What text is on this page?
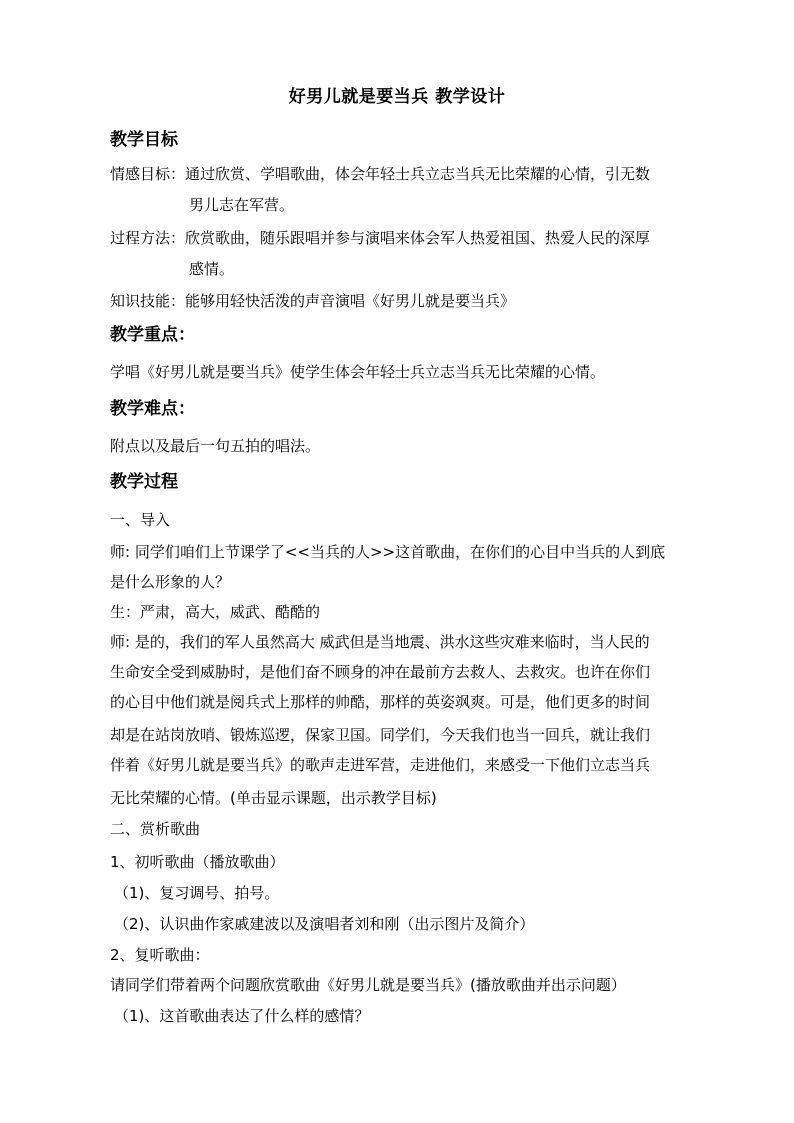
好男儿就是要当兵 教学设计
教学目标
情感目标：通过欣赏、学唱歌曲，体会年轻士兵立志当兵无比荣耀的心情，引无数
男儿志在军营。
过程方法：欣赏歌曲，随乐跟唱并参与演唱来体会军人热爱祖国、热爱人民的深厚
感情。
知识技能：能够用轻快活泼的声音演唱《好男儿就是要当兵》
教学重点：
学唱《好男儿就是要当兵》使学生体会年轻士兵立志当兵无比荣耀的心情。
教学难点：
附点以及最后一句五拍的唱法。
教学过程
一、导入
师: 同学们咱们上节课学了<<当兵的人>>这首歌曲，在你们的心目中当兵的人到底
是什么形象的人？
生：严肃，高大，威武、酷酷的
师: 是的，我们的军人虽然高大 威武但是当地震、洪水这些灾难来临时，当人民的
生命安全受到威胁时，是他们奋不顾身的冲在最前方去救人、去救灾。也许在你们
的心目中他们就是阅兵式上那样的帅酷，那样的英姿飒爽。可是，他们更多的时间
却是在站岗放哨、锻炼巡逻，保家卫国。同学们，今天我们也当一回兵，就让我们
伴着《好男儿就是要当兵》的歌声走进军营，走进他们，来感受一下他们立志当兵
无比荣耀的心情。(单击显示课题，出示教学目标)
二、赏析歌曲
1、初听歌曲（播放歌曲）
（1)、复习调号、拍号。
（2)、认识曲作家戚建波以及演唱者刘和刚（出示图片及简介）
2、复听歌曲：
请同学们带着两个问题欣赏歌曲《好男儿就是要当兵》(播放歌曲并出示问题）
（1)、这首歌曲表达了什么样的感情？
